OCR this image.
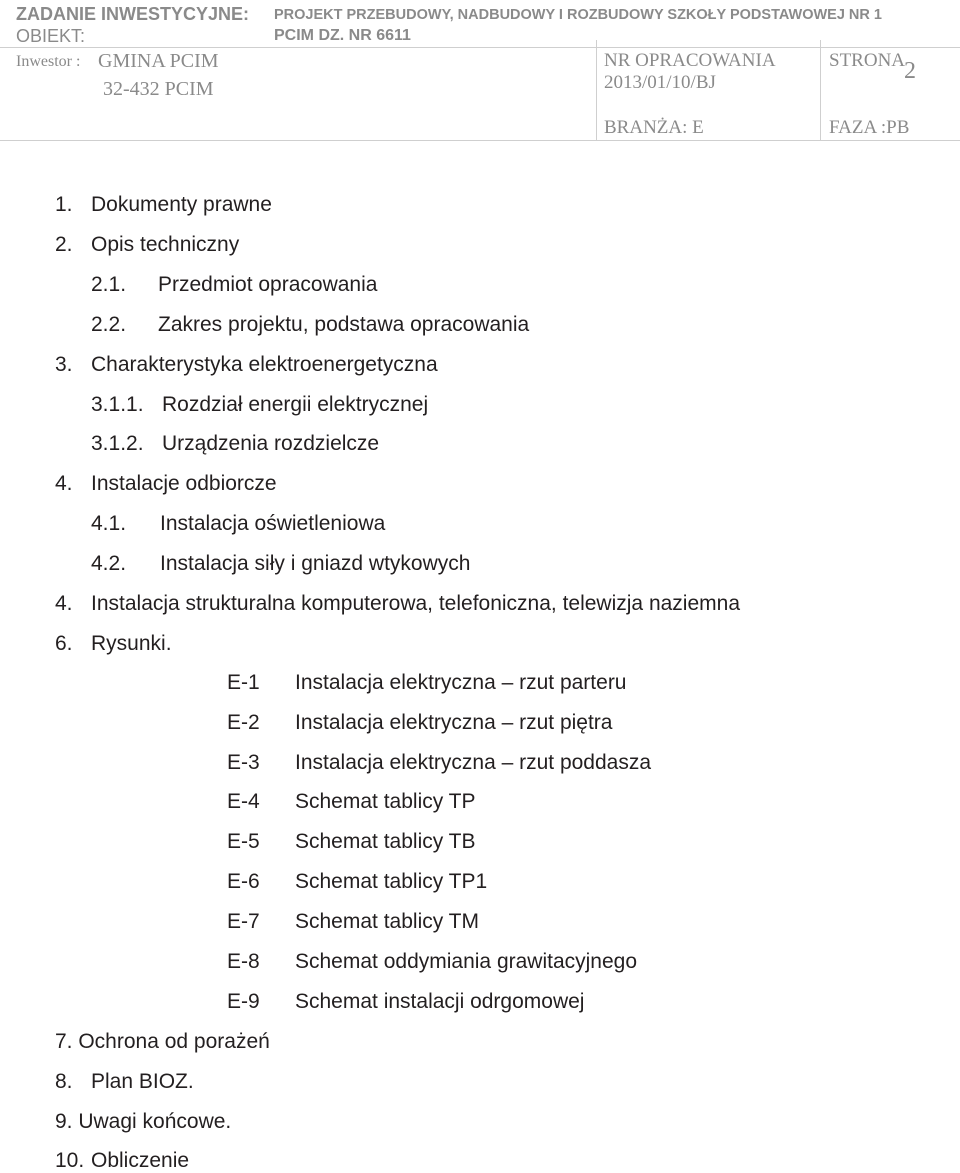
ZADANIE INWESTYCYJNE: PROJEKT PRZEBUDOWY, NADBUDOWY I ROZBUDOWY SZKOŁY PODSTAWOWEJ NR 1
OBIEKT:	PCIM DZ. NR 6611
Inwestor : GMINA PCIM
32-432 PCIM
NR OPRACOWANIA
2013/01/10/BJ
STRONA
2
BRANŻA: E	FAZA :PB
1. Dokumenty prawne
2. Opis techniczny
2.1. Przedmiot opracowania
2.2. Zakres projektu, podstawa opracowania
3. Charakterystyka elektroenergetyczna
3.1.1. Rozdział energii elektrycznej
3.1.2. Urządzenia rozdzielcze
4. Instalacje odbiorcze
4.1. Instalacja oświetleniowa
4.2. Instalacja siły i gniazd wtykowych
4. Instalacja strukturalna komputerowa, telefoniczna, telewizja naziemna
6. Rysunki.
E-1 Instalacja elektryczna – rzut parteru
E-2 Instalacja elektryczna – rzut piętra
E-3 Instalacja elektryczna – rzut poddasza
E-4 Schemat tablicy TP
E-5 Schemat tablicy TB
E-6 Schemat tablicy TP1
E-7 Schemat tablicy TM
E-8 Schemat oddymiania grawitacyjnego
E-9 Schemat instalacji odrgomowej
7. Ochrona od porażeń
8. Plan BIOZ.
9. Uwagi końcowe.
10. Obliczenie
